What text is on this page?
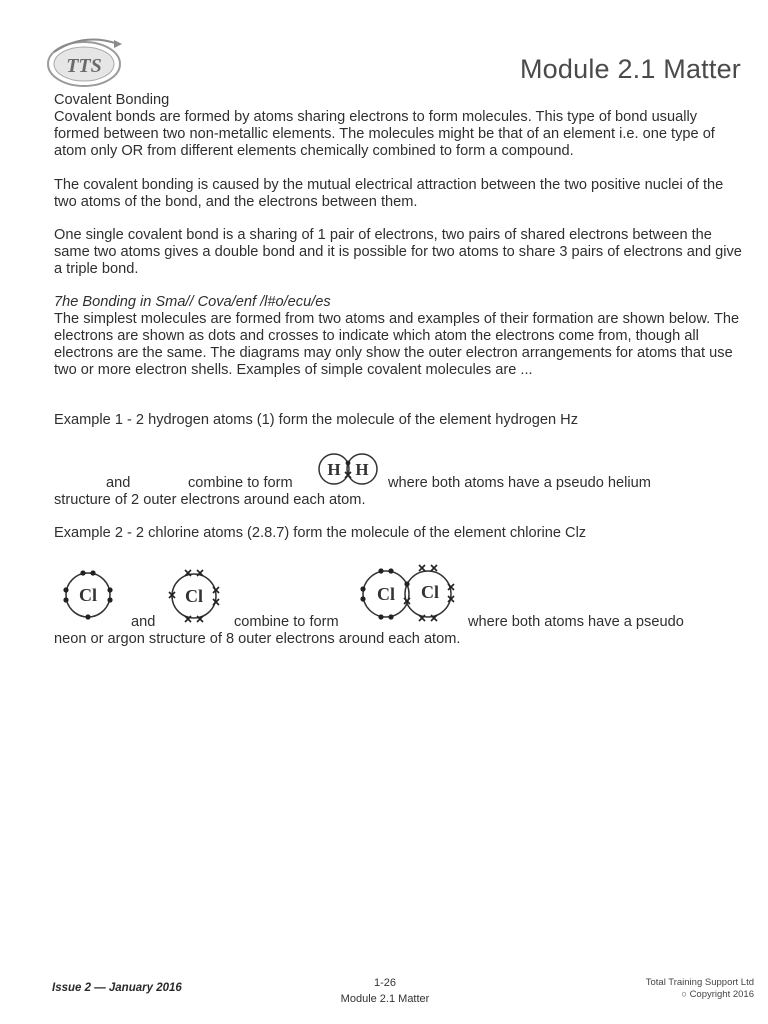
TTS	Module 2.1 Matter
Covalent Bonding

Covalent bonds are formed by atoms sharing electrons to form molecules. This type of bond usually formed between two non-metallic elements. The molecules might be that of an element i.e. one type of atom only OR from different elements chemically combined to form a compound.

The covalent bonding is caused by the mutual electrical attraction between the two positive nuclei of the two atoms of the bond, and the electrons between them.

One single covalent bond is a sharing of 1 pair of electrons, two pairs of shared electrons between the same two atoms gives a double bond and it is possible for two atoms to share 3 pairs of electrons and give a triple bond.

7he Bonding in Sma// Cova/enf /l#o/ecu/es

The simplest molecules are formed from two atoms and examples of their formation are shown below. The electrons are shown as dots and crosses to indicate which atom the electrons come from, though all electrons are the same. The diagrams may only show the outer electron arrangements for atoms that use two or more electron shells. Examples of simple covalent molecules are ...

Example 1 - 2 hydrogen atoms (1) form the molecule of the element hydrogen Hz
and	combine to form
H H
where both atoms have a pseudo helium
structure of 2 outer electrons around each atom.
Example 2 - 2 chlorine atoms (2.8.7) form the molecule of the element chlorine Clz
Cl	Cl
and	combine to form
Cl Cl
where both atoms have a pseudo
neon or argon structure of 8 outer electrons around each atom.
Issue 2 — January 2016	1-26
Module 2.1 Matter
Total Training Support Ltd
○ Copyright 2016
